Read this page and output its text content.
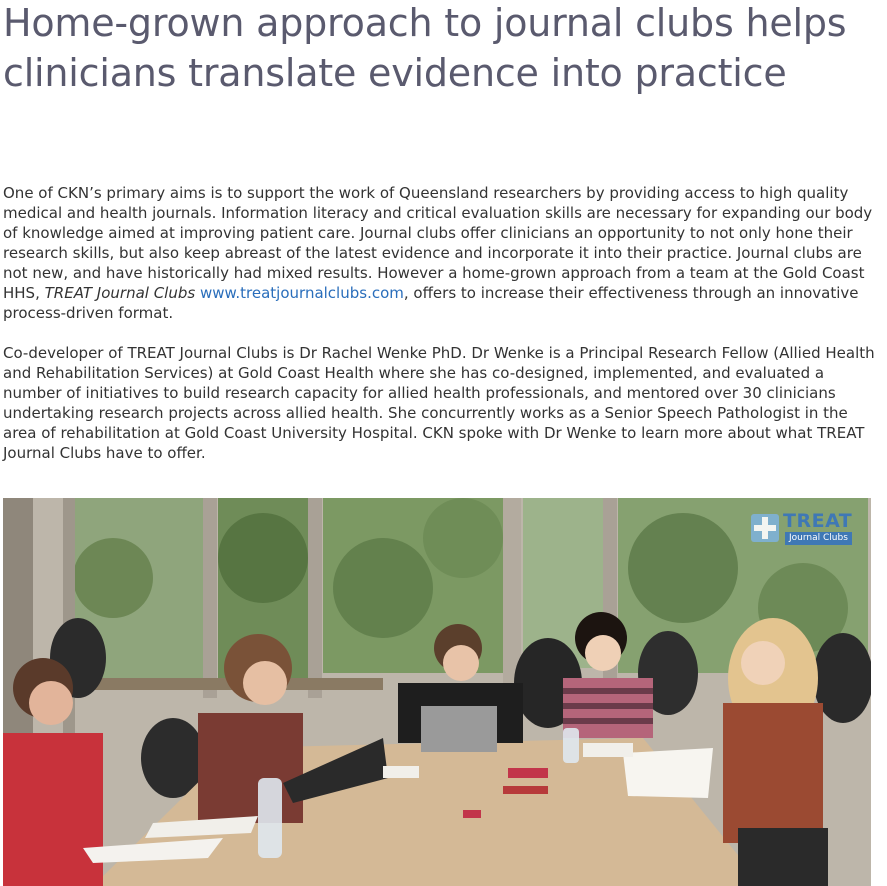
Home-grown approach to journal clubs helps clinicians translate evidence into practice

One of CKN’s primary aims is to support the work of Queensland researchers by providing access to high quality medical and health journals. Information literacy and critical evaluation skills are necessary for expanding our body of knowledge aimed at improving patient care. Journal clubs offer clinicians an opportunity to not only hone their research skills, but also keep abreast of the latest evidence and incorporate it into their practice. Journal clubs are not new, and have historically had mixed results. However a home-grown approach from a team at the Gold Coast HHS, TREAT Journal Clubs www.treatjournalclubs.com, offers to increase their effectiveness through an innovative process-driven format.

Co-developer of TREAT Journal Clubs is Dr Rachel Wenke PhD. Dr Wenke is a Principal Research Fellow (Allied Health and Rehabilitation Services) at Gold Coast Health where she has co-designed, implemented, and evaluated a number of initiatives to build research capacity for allied health professionals, and mentored over 30 clinicians undertaking research projects across allied health. She concurrently works as a Senior Speech Pathologist in the area of rehabilitation at Gold Coast University Hospital. CKN spoke with Dr Wenke to learn more about what TREAT Journal Clubs have to offer.

TREAT
Journal Clubs
